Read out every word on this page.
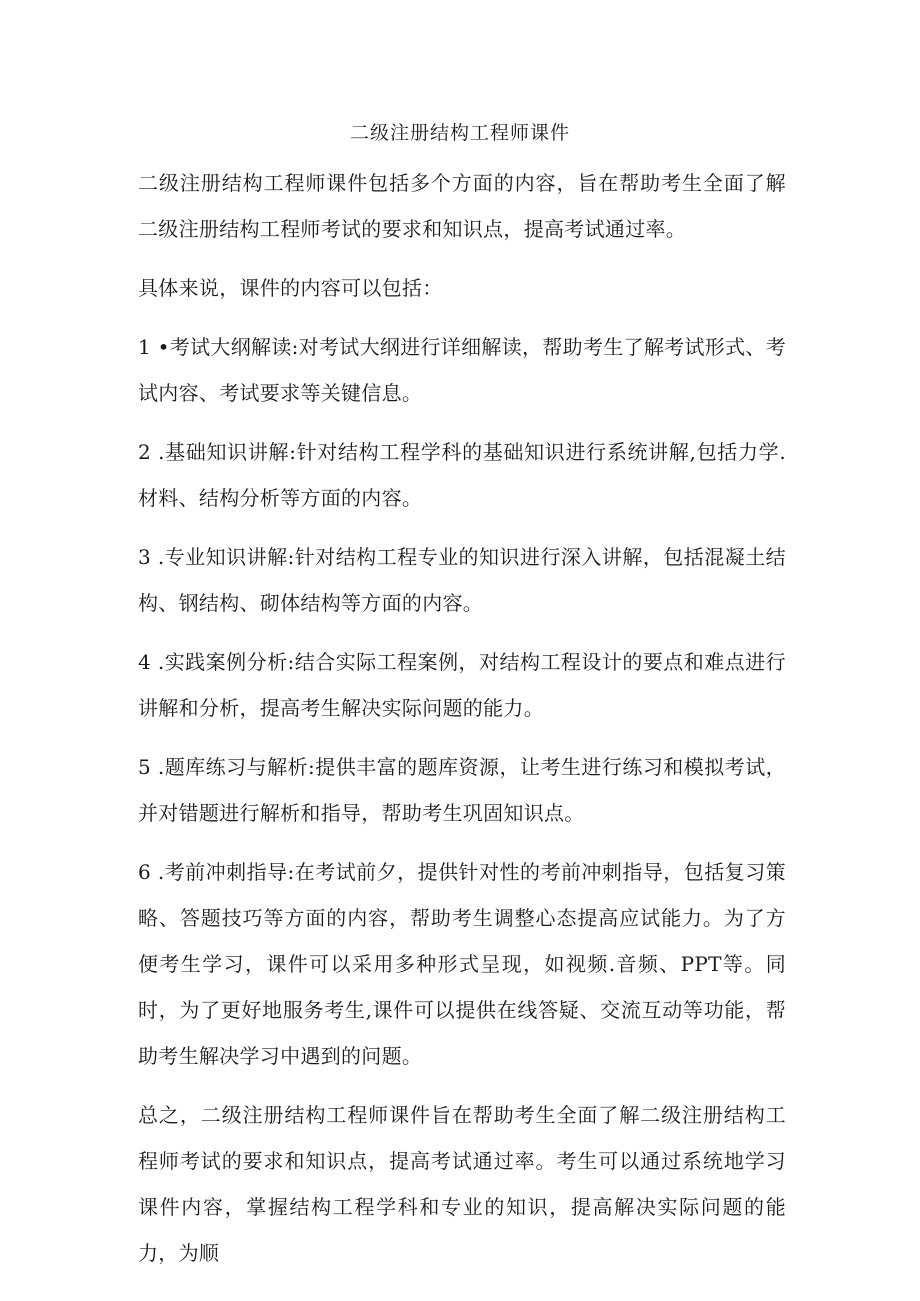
二级注册结构工程师课件

二级注册结构工程师课件包括多个方面的内容，旨在帮助考生全面了解二级注册结构工程师考试的要求和知识点，提高考试通过率。

具体来说，课件的内容可以包括：

1 •考试大纲解读:对考试大纲进行详细解读，帮助考生了解考试形式、考试内容、考试要求等关键信息。

2 .基础知识讲解:针对结构工程学科的基础知识进行系统讲解,包括力学.材料、结构分析等方面的内容。

3 .专业知识讲解:针对结构工程专业的知识进行深入讲解，包括混凝土结构、钢结构、砌体结构等方面的内容。

4 .实践案例分析:结合实际工程案例，对结构工程设计的要点和难点进行讲解和分析，提高考生解决实际问题的能力。

5 .题库练习与解析:提供丰富的题库资源，让考生进行练习和模拟考试，并对错题进行解析和指导，帮助考生巩固知识点。

6 .考前冲刺指导:在考试前夕，提供针对性的考前冲刺指导，包括复习策略、答题技巧等方面的内容，帮助考生调整心态提高应试能力。为了方便考生学习，课件可以采用多种形式呈现，如视频.音频、PPT等。同时，为了更好地服务考生,课件可以提供在线答疑、交流互动等功能，帮助考生解决学习中遇到的问题。

总之，二级注册结构工程师课件旨在帮助考生全面了解二级注册结构工程师考试的要求和知识点，提高考试通过率。考生可以通过系统地学习课件内容，掌握结构工程学科和专业的知识，提高解决实际问题的能力，为顺
